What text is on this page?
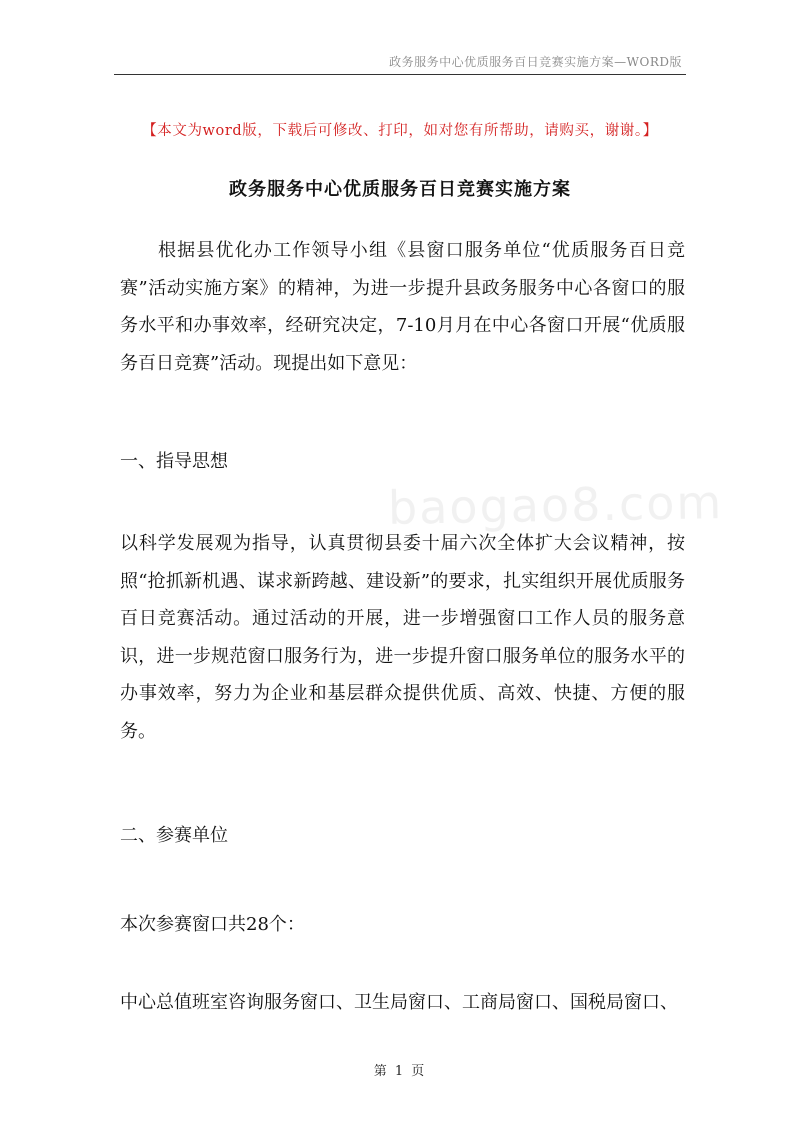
政务服务中心优质服务百日竞赛实施方案—WORD版
【本文为word版，下载后可修改、打印，如对您有所帮助，请购买，谢谢。】
政务服务中心优质服务百日竞赛实施方案

根据县优化办工作领导小组《县窗口服务单位“优质服务百日竞赛”活动实施方案》的精神，为进一步提升县政务服务中心各窗口的服务水平和办事效率，经研究决定，7-10月月在中心各窗口开展“优质服务百日竞赛”活动。现提出如下意见：

一、指导思想

以科学发展观为指导，认真贯彻县委十届六次全体扩大会议精神，按照“抢抓新机遇、谋求新跨越、建设新”的要求，扎实组织开展优质服务百日竞赛活动。通过活动的开展，进一步增强窗口工作人员的服务意识，进一步规范窗口服务行为，进一步提升窗口服务单位的服务水平的办事效率，努力为企业和基层群众提供优质、高效、快捷、方便的服务。

baogao8.com

二、参赛单位

本次参赛窗口共28个：

中心总值班室咨询服务窗口、卫生局窗口、工商局窗口、国税局窗口、

第 1 页
